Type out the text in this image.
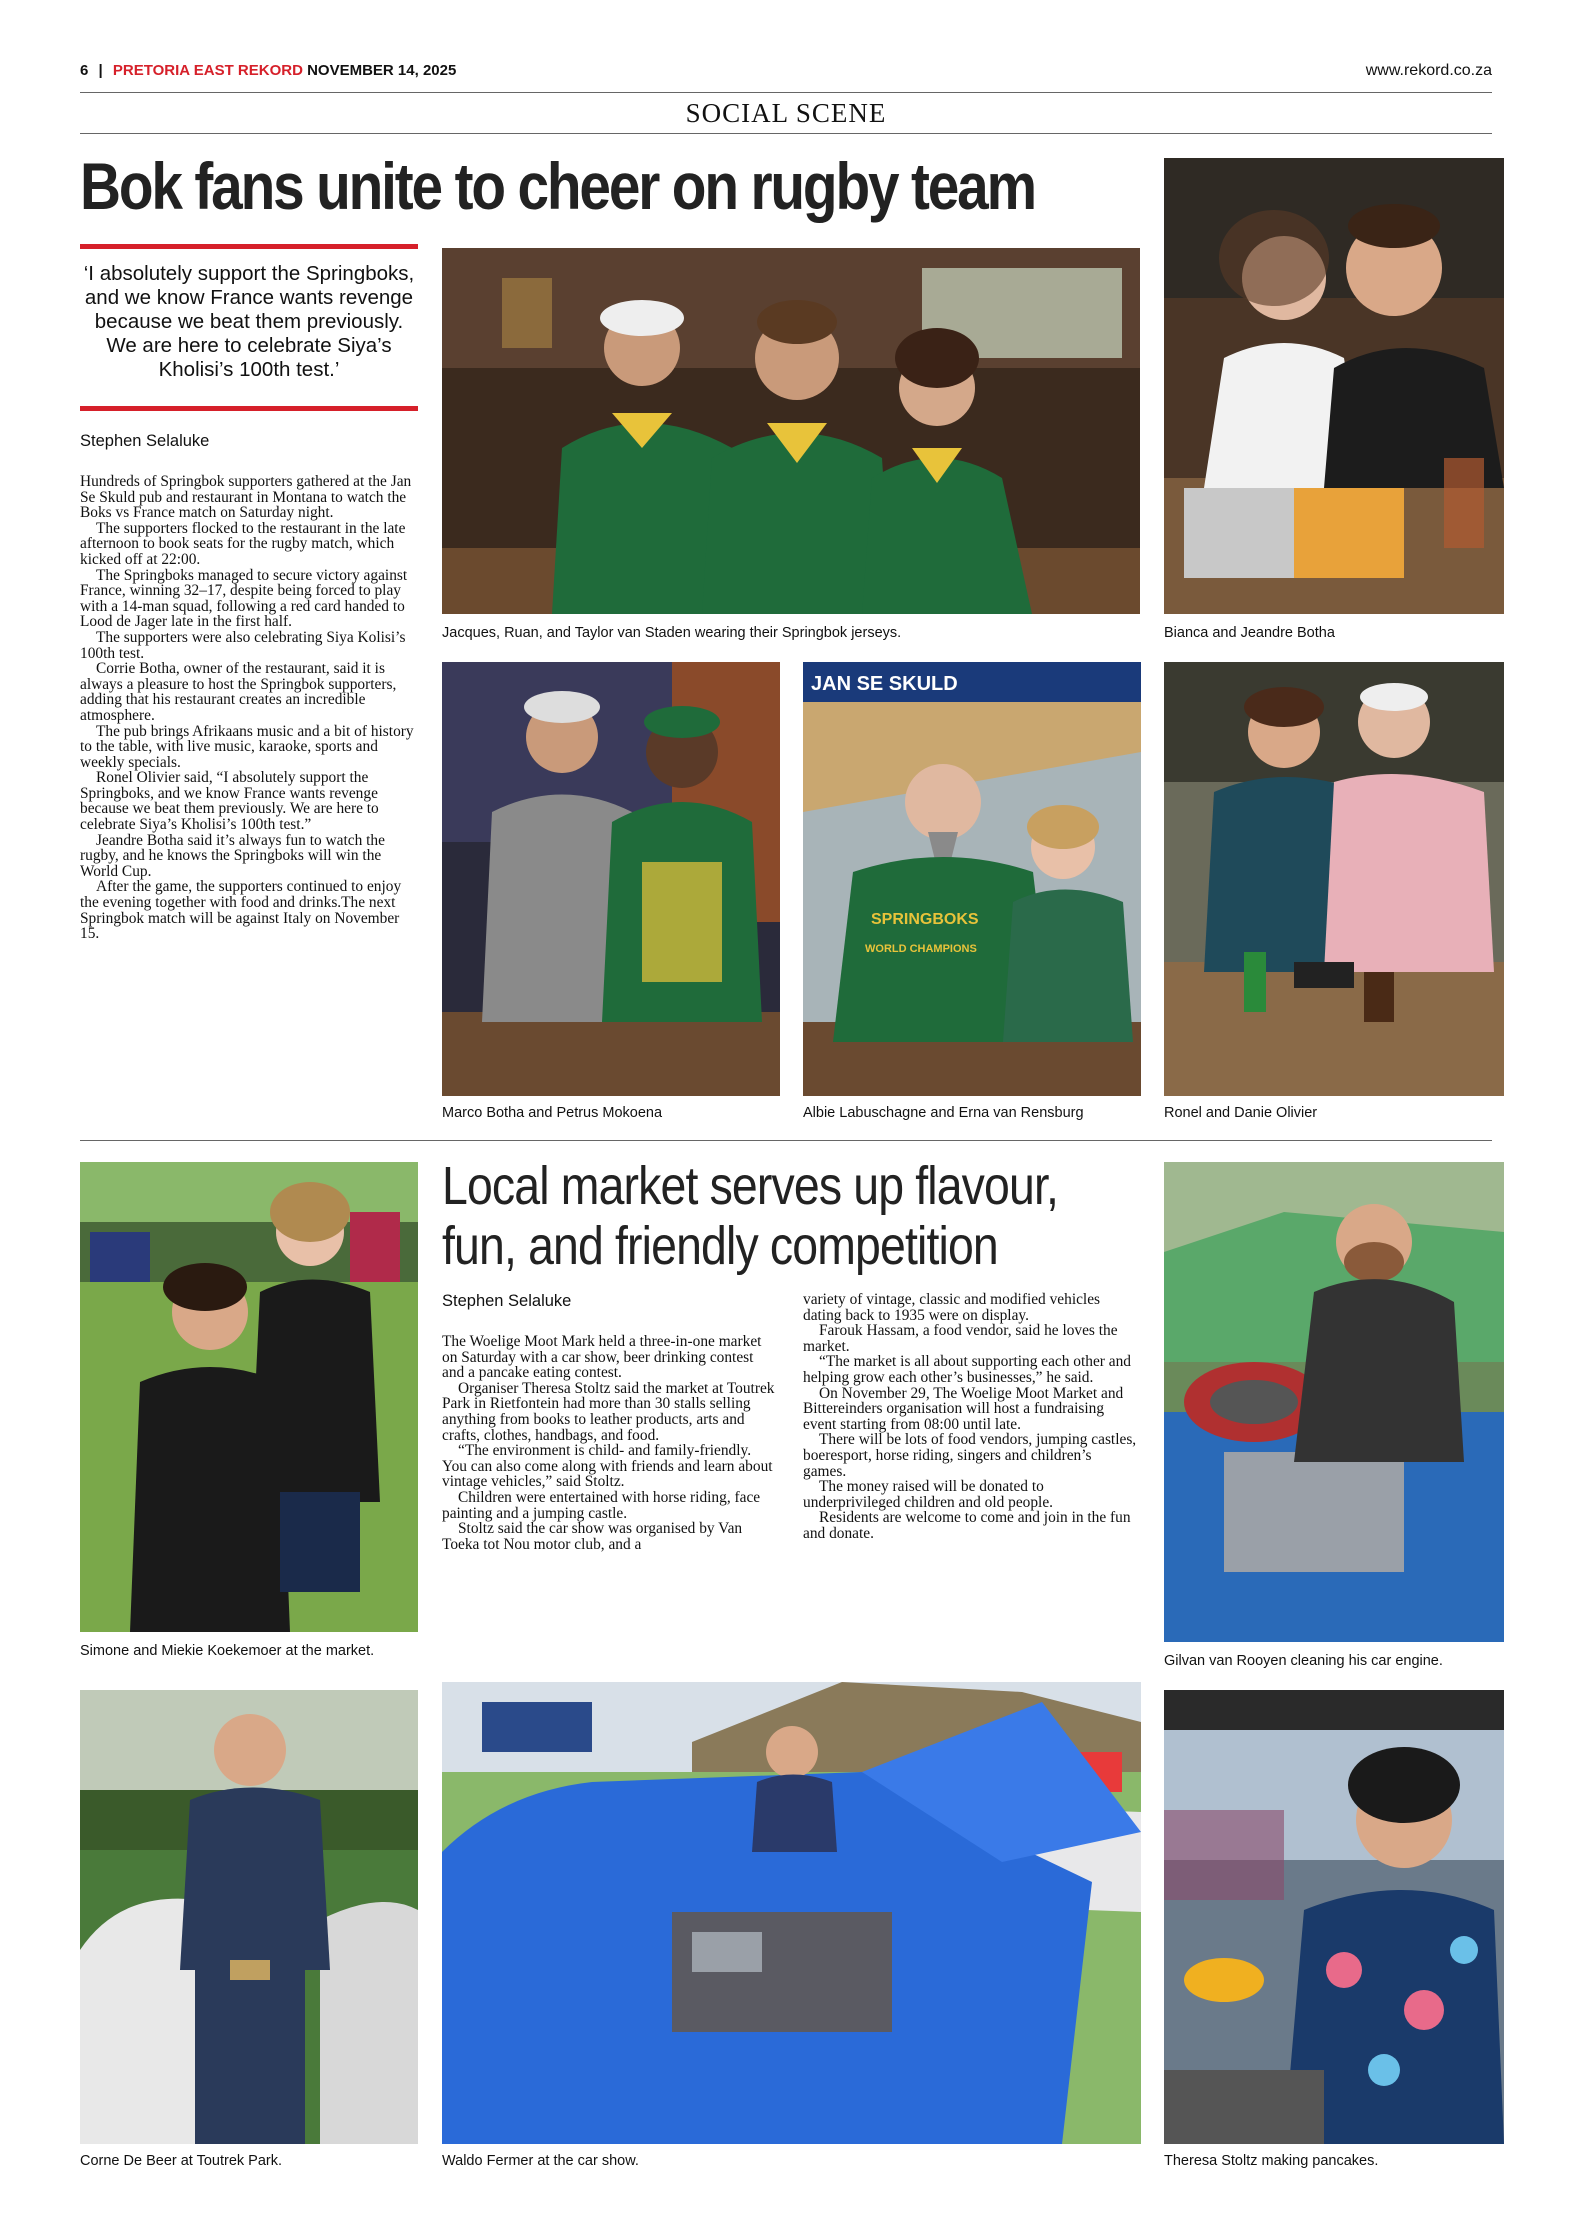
6 | PRETORIA EAST REKORD NOVEMBER 14, 2025	www.rekord.co.za
SOCIAL SCENE
Bok fans unite to cheer on rugby team
‘I absolutely support the Springboks, and we know France wants revenge because we beat them previously. We are here to celebrate Siya’s Kholisi’s 100th test.’
Stephen Selaluke

Hundreds of Springbok supporters gathered at the Jan Se Skuld pub and restaurant in Montana to watch the Boks vs France match on Saturday night.

The supporters flocked to the restaurant in the late afternoon to book seats for the rugby match, which kicked off at 22:00.

The Springboks managed to secure victory against France, winning 32–17, despite being forced to play with a 14-man squad, following a red card handed to Lood de Jager late in the first half.

The supporters were also celebrating Siya Kolisi’s 100th test.

Corrie Botha, owner of the restaurant, said it is always a pleasure to host the Springbok supporters, adding that his restaurant creates an incredible atmosphere.

The pub brings Afrikaans music and a bit of history to the table, with live music, karaoke, sports and weekly specials.

Ronel Olivier said, “I absolutely support the Springboks, and we know France wants revenge because we beat them previously. We are here to celebrate Siya’s Kholisi’s 100th test.”

Jeandre Botha said it’s always fun to watch the rugby, and he knows the Springboks will win the World Cup.

After the game, the supporters continued to enjoy the evening together with food and drinks.The next Springbok match will be against Italy on November 15.

Jacques, Ruan, and Taylor van Staden wearing their Springbok jerseys.	Bianca and Jeandre Botha
Marco Botha and Petrus Mokoena
JAN SE SKULD
SPRINGBOKS
WORLD CHAMPIONS
Albie Labuschagne and Erna van Rensburg	Ronel and Danie Olivier
Simone and Miekie Koekemoer at the market.
Local market serves up flavour, fun, and friendly competition
Stephen Selaluke

The Woelige Moot Mark held a three-in-one market on Saturday with a car show, beer drinking contest and a pancake eating contest.

Organiser Theresa Stoltz said the market at Toutrek Park in Rietfontein had more than 30 stalls selling anything from books to leather products, arts and crafts, clothes, handbags, and food.

“The environment is child- and family-friendly. You can also come along with friends and learn about vintage vehicles,” said Stoltz.

Children were entertained with horse riding, face painting and a jumping castle.

Stoltz said the car show was organised by Van Toeka tot Nou motor club, and a

variety of vintage, classic and modified vehicles dating back to 1935 were on display.

Farouk Hassam, a food vendor, said he loves the market.

“The market is all about supporting each other and helping grow each other’s businesses,” he said.

On November 29, The Woelige Moot Market and Bittereinders organisation will host a fundraising event starting from 08:00 until late.

There will be lots of food vendors, jumping castles, boeresport, horse riding, singers and children’s games.

The money raised will be donated to underprivileged children and old people.

Residents are welcome to come and join in the fun and donate.

Gilvan van Rooyen cleaning his car engine.
Corne De Beer at Toutrek Park.	Waldo Fermer at the car show.	Theresa Stoltz making pancakes.
